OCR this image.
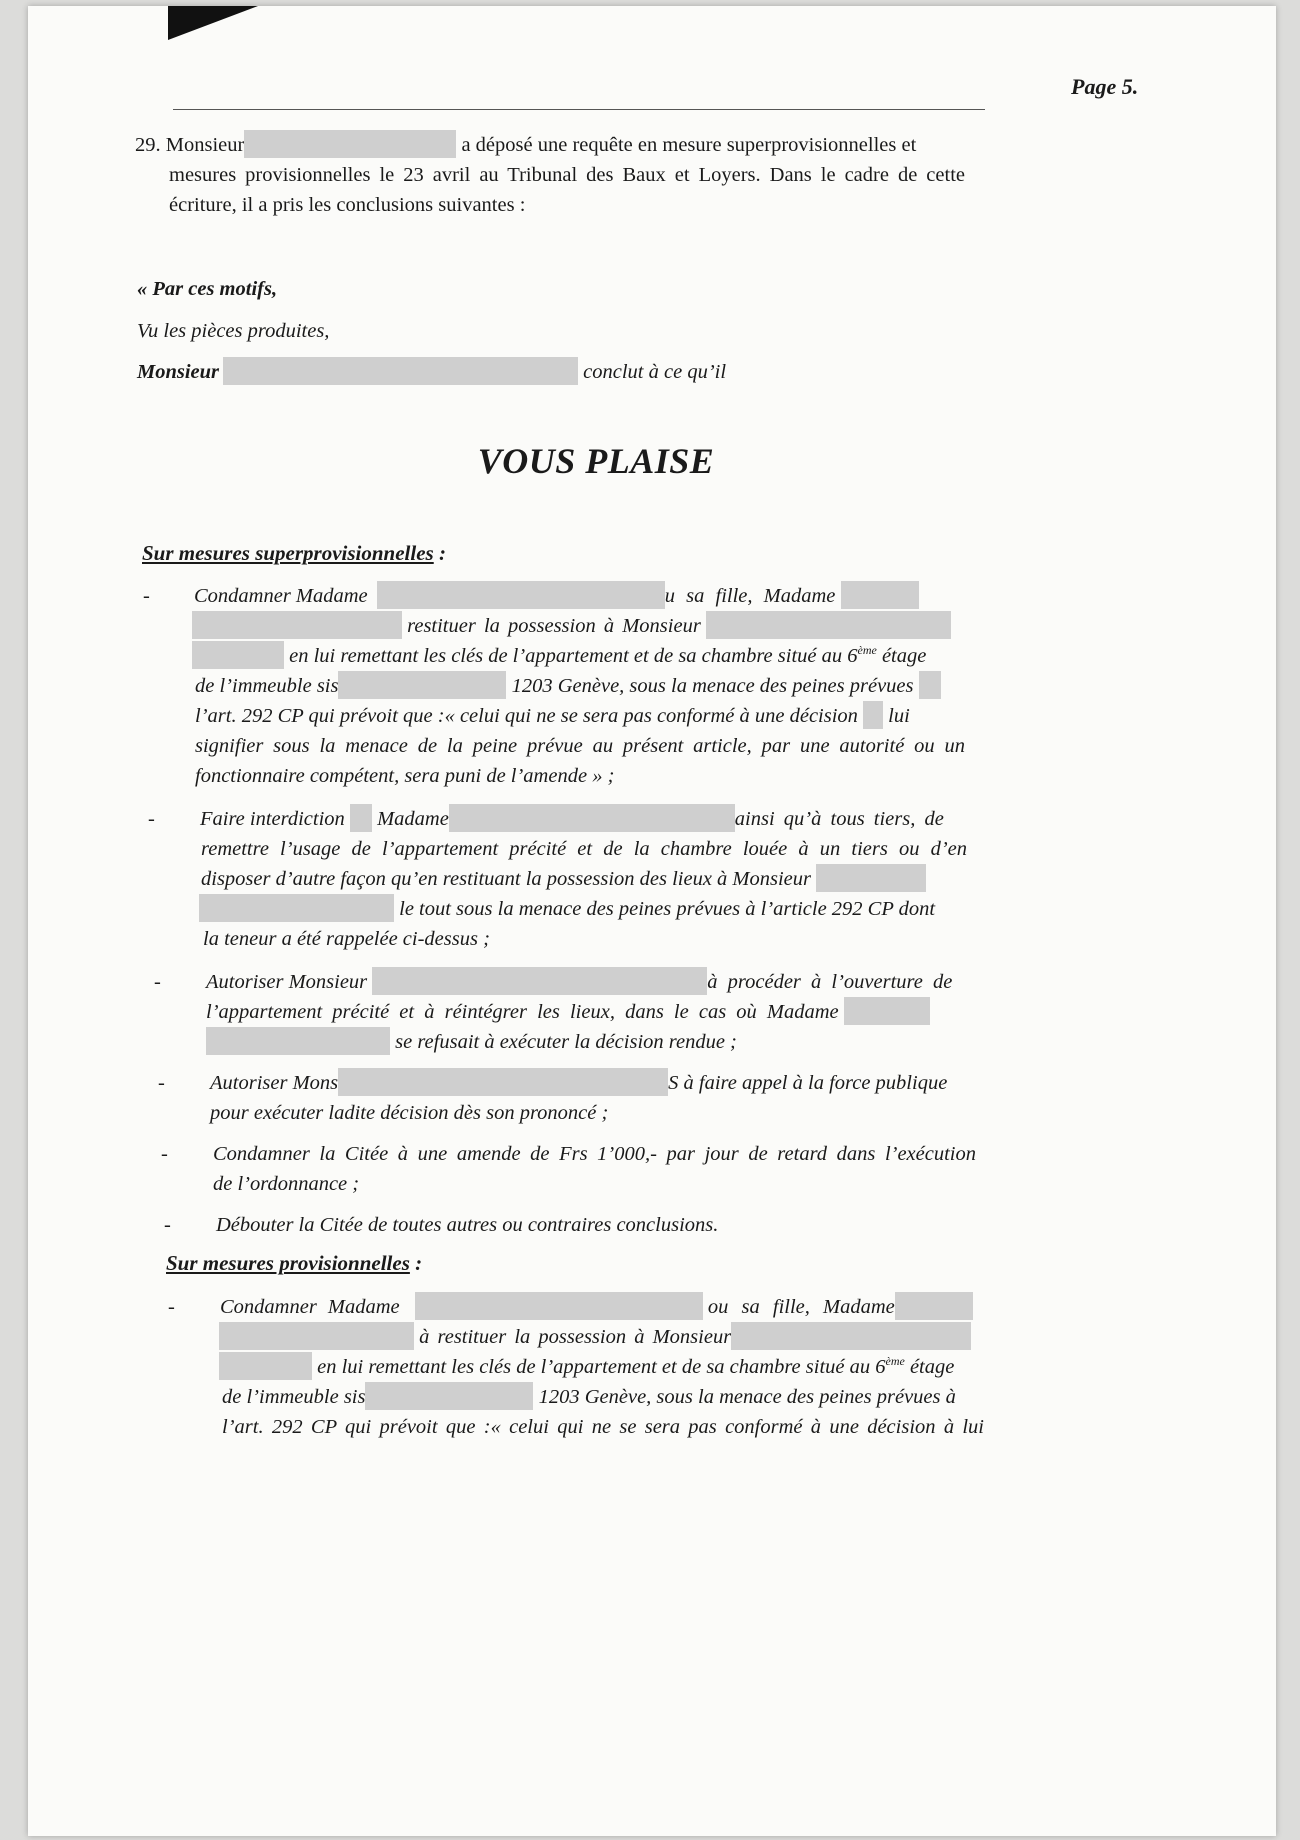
Page 5.
29. Monsieur	a déposé une requête en mesure superprovisionnelles et
mesures provisionnelles le 23 avril au Tribunal des Baux et Loyers. Dans le cadre de cette
écriture, il a pris les conclusions suivantes :
« Par ces motifs,
Vu les pièces produites,
Monsieur	conclut à ce qu’il
VOUS PLAISE
Sur mesures superprovisionnelles :
- Condamner Madame	u sa fille, Madame
restituer la possession à Monsieur
en lui remettant les clés de l’appartement et de sa chambre situé au 6ème étage
de l’immeuble sis	1203 Genève, sous la menace des peines prévues
l’art. 292 CP qui prévoit que :« celui qui ne se sera pas conformé à une décision lui
signifier sous la menace de la peine prévue au présent article, par une autorité ou un
fonctionnaire compétent, sera puni de l’amende » ;
- Faire interdiction Madame	ainsi qu’à tous tiers, de
remettre l’usage de l’appartement précité et de la chambre louée à un tiers ou d’en
disposer d’autre façon qu’en restituant la possession des lieux à Monsieur
le tout sous la menace des peines prévues à l’article 292 CP dont
la teneur a été rappelée ci-dessus ;
- Autoriser Monsieur	à procéder à l’ouverture de
l’appartement précité et à réintégrer les lieux, dans le cas où Madame
se refusait à exécuter la décision rendue ;
- Autoriser Mons	S à faire appel à la force publique
pour exécuter ladite décision dès son prononcé ;
- Condamner la Citée à une amende de Frs 1’000,- par jour de retard dans l’exécution
de l’ordonnance ;
- Débouter la Citée de toutes autres ou contraires conclusions.
Sur mesures provisionnelles :
- Condamner Madame	ou sa fille, Madame
à restituer la possession à Monsieur
en lui remettant les clés de l’appartement et de sa chambre situé au 6ème étage
de l’immeuble sis	1203 Genève, sous la menace des peines prévues à
l’art. 292 CP qui prévoit que :« celui qui ne se sera pas conformé à une décision à lui
